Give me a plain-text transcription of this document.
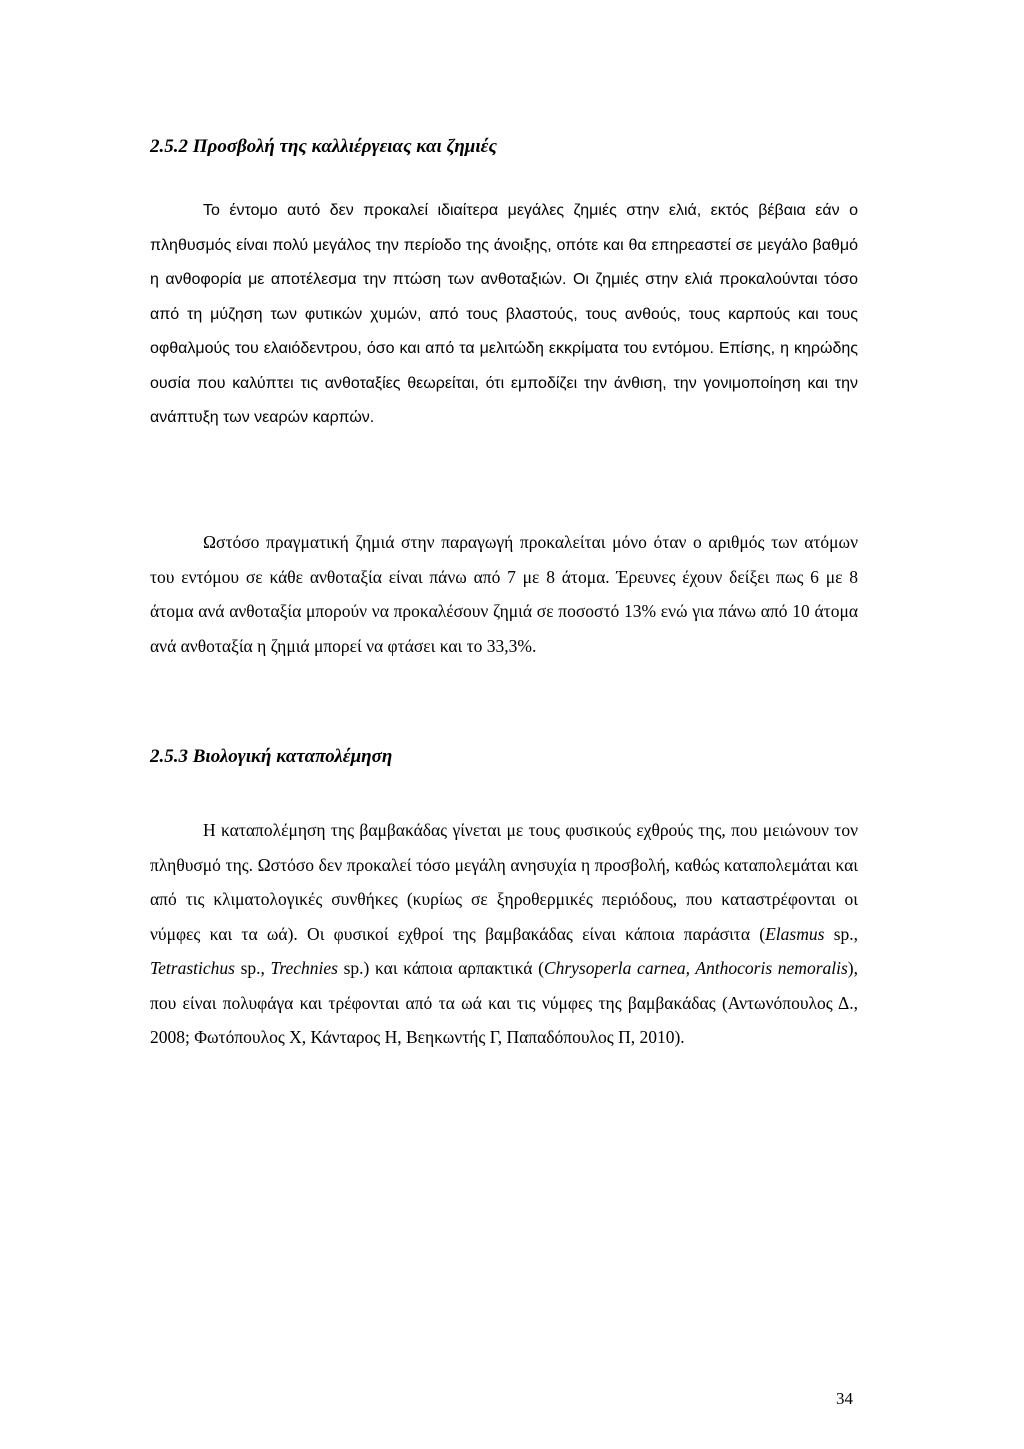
2.5.2 Προσβολή της καλλιέργειας και ζημιές

Το έντομο αυτό δεν προκαλεί ιδιαίτερα μεγάλες ζημιές στην ελιά, εκτός βέβαια εάν ο πληθυσμός είναι πολύ μεγάλος την περίοδο της άνοιξης, οπότε και θα επηρεαστεί σε μεγάλο βαθμό η ανθοφορία με αποτέλεσμα την πτώση των ανθοταξιών. Οι ζημιές στην ελιά προκαλούνται τόσο από τη μύζηση των φυτικών χυμών, από τους βλαστούς, τους ανθούς, τους καρπούς και τους οφθαλμούς του ελαιόδεντρου, όσο και από τα μελιτώδη εκκρίματα του εντόμου. Επίσης, η κηρώδης ουσία που καλύπτει τις ανθοταξίες θεωρείται, ότι εμποδίζει την άνθιση, την γονιμοποίηση και την ανάπτυξη των νεαρών καρπών.

Ωστόσο πραγματική ζημιά στην παραγωγή προκαλείται μόνο όταν ο αριθμός των ατόμων του εντόμου σε κάθε ανθοταξία είναι πάνω από 7 με 8 άτομα. Έρευνες έχουν δείξει πως 6 με 8 άτομα ανά ανθοταξία μπορούν να προκαλέσουν ζημιά σε ποσοστό 13% ενώ για πάνω από 10 άτομα ανά ανθοταξία η ζημιά μπορεί να φτάσει και το 33,3%.

2.5.3 Βιολογική καταπολέμηση

Η καταπολέμηση της βαμβακάδας γίνεται με τους φυσικούς εχθρούς της, που μειώνουν τον πληθυσμό της. Ωστόσο δεν προκαλεί τόσο μεγάλη ανησυχία η προσβολή, καθώς καταπολεμάται και από τις κλιματολογικές συνθήκες (κυρίως σε ξηροθερμικές περιόδους, που καταστρέφονται οι νύμφες και τα ωά). Οι φυσικοί εχθροί της βαμβακάδας είναι κάποια παράσιτα (Elasmus sp., Tetrastichus sp., Trechnies sp.) και κάποια αρπακτικά (Chrysoperla carnea, Anthocoris nemoralis), που είναι πολυφάγα και τρέφονται από τα ωά και τις νύμφες της βαμβακάδας (Αντωνόπουλος Δ., 2008; Φωτόπουλος Χ, Κάνταρος Η, Βεηκωντής Γ, Παπαδόπουλος Π, 2010).

34
